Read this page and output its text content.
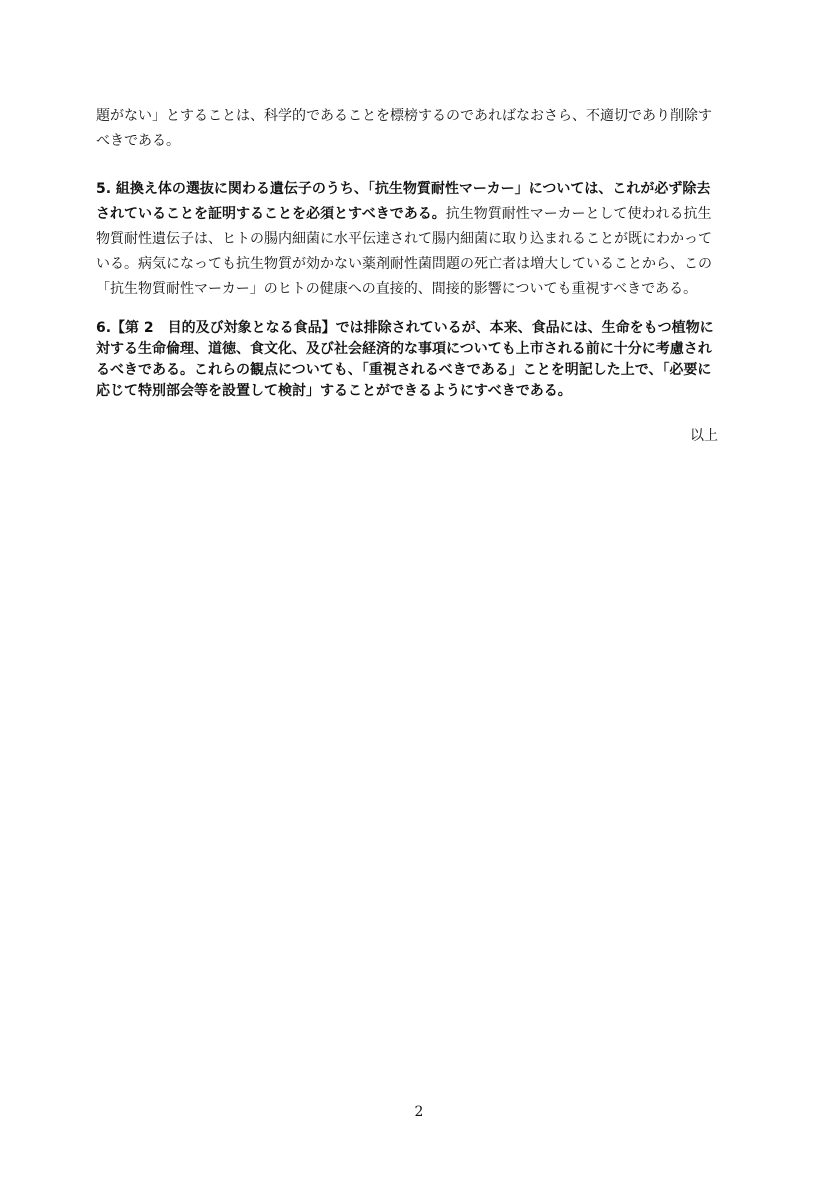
題がない」とすることは、科学的であることを標榜するのであればなおさら、不適切であり削除す
べきである。
5. 組換え体の選抜に関わる遺伝子のうち、「抗生物質耐性マーカー」については、これが必ず除去
されていることを証明することを必須とすべきである。抗生物質耐性マーカーとして使われる抗生
物質耐性遺伝子は、ヒトの腸内細菌に水平伝達されて腸内細菌に取り込まれることが既にわかって
いる。病気になっても抗生物質が効かない薬剤耐性菌問題の死亡者は増大していることから、この
「抗生物質耐性マーカー」のヒトの健康への直接的、間接的影響についても重視すべきである。
6.【第 2　目的及び対象となる食品】では排除されているが、本来、食品には、生命をもつ植物に
対する生命倫理、道徳、食文化、及び社会経済的な事項についても上市される前に十分に考慮され
るべきである。これらの観点についても、「重視されるべきである」ことを明記した上で、「必要に
応じて特別部会等を設置して検討」することができるようにすべきである。
以上
2
